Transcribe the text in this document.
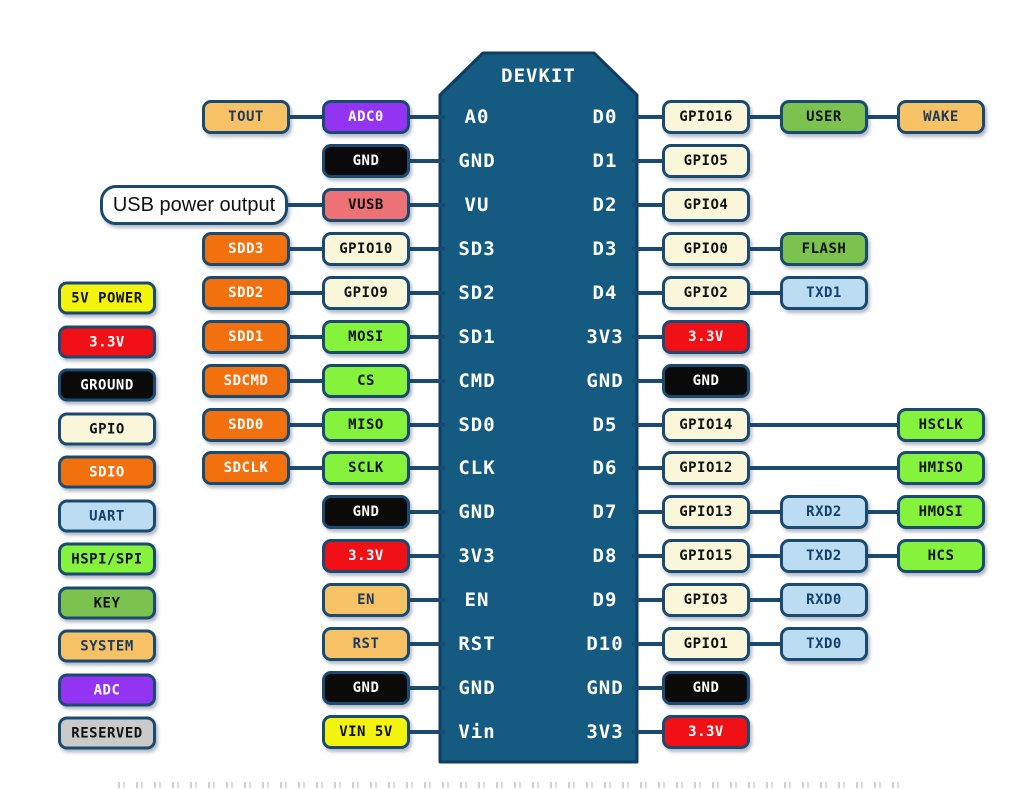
DEVKIT
5V POWER
3.3V
GROUND
GPIO
SDIO
UART
HSPI/SPI
KEY
SYSTEM
ADC
RESERVED
A0
TOUT	ADC0
GND
GND
VU
USB power output	VUSB
SD3
SDD3	GPIO10
SD2
SDD2	GPIO9
SD1
SDD1	MOSI
CMD
SDCMD	CS
SD0
SDD0	MISO
CLK
SDCLK	SCLK
GND
GND
3V3
3.3V
EN
EN
RST
RST
GND
GND
Vin
VIN 5V
D0	GPIO16	USER	WAKE
D1	GPIO5
D2	GPIO4
D3	GPIO0	FLASH
D4	GPIO2	TXD1
3V3	3.3V
GND	GND
D5	GPIO14	HSCLK
D6	GPIO12	HMISO
D7	GPIO13	RXD2	HMOSI
D8	GPIO15	TXD2	HCS
D9	GPIO3	RXD0
D10	GPIO1	TXD0
GND	GND
3V3	3.3V
